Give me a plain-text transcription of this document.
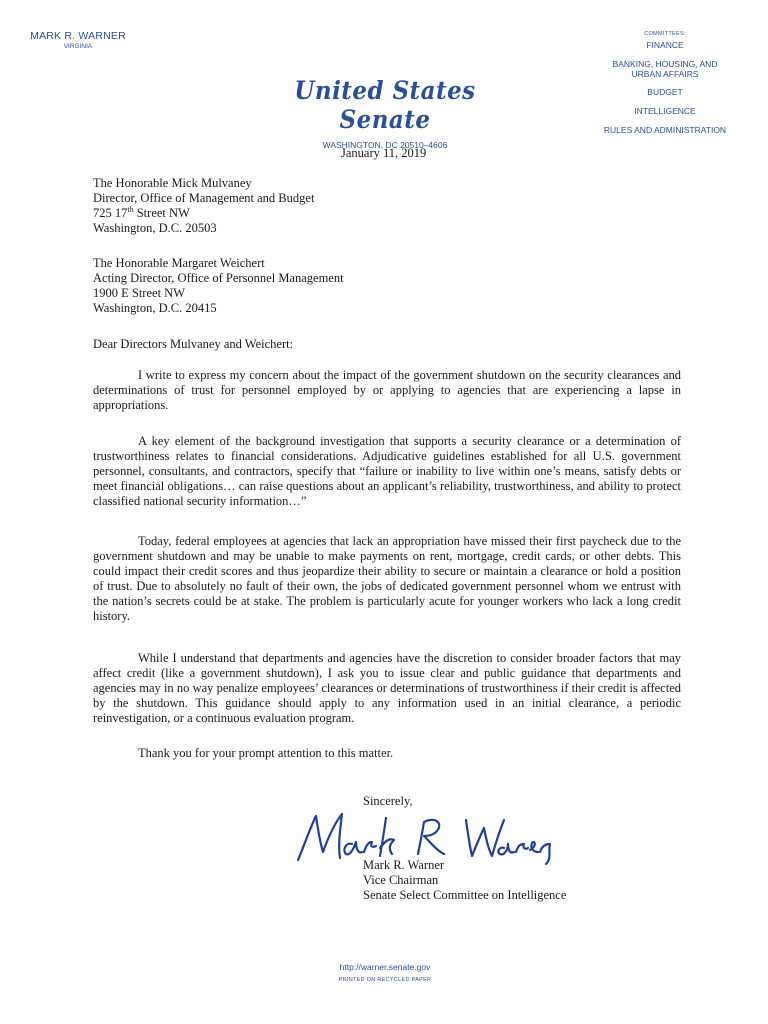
MARK R. WARNER
VIRGINIA
COMMITTEES:
FINANCE
BANKING, HOUSING, AND URBAN AFFAIRS
BUDGET
INTELLIGENCE
RULES AND ADMINISTRATION
United States Senate
WASHINGTON, DC 20510–4606
January 11, 2019
The Honorable Mick Mulvaney
Director, Office of Management and Budget
725 17th Street NW
Washington, D.C. 20503
The Honorable Margaret Weichert
Acting Director, Office of Personnel Management
1900 E Street NW
Washington, D.C. 20415
Dear Directors Mulvaney and Weichert:

I write to express my concern about the impact of the government shutdown on the security clearances and determinations of trust for personnel employed by or applying to agencies that are experiencing a lapse in appropriations.

A key element of the background investigation that supports a security clearance or a determination of trustworthiness relates to financial considerations. Adjudicative guidelines established for all U.S. government personnel, consultants, and contractors, specify that “failure or inability to live within one’s means, satisfy debts or meet financial obligations… can raise questions about an applicant’s reliability, trustworthiness, and ability to protect classified national security information…”

Today, federal employees at agencies that lack an appropriation have missed their first paycheck due to the government shutdown and may be unable to make payments on rent, mortgage, credit cards, or other debts. This could impact their credit scores and thus jeopardize their ability to secure or maintain a clearance or hold a position of trust. Due to absolutely no fault of their own, the jobs of dedicated government personnel whom we entrust with the nation’s secrets could be at stake. The problem is particularly acute for younger workers who lack a long credit history.

While I understand that departments and agencies have the discretion to consider broader factors that may affect credit (like a government shutdown), I ask you to issue clear and public guidance that departments and agencies may in no way penalize employees’ clearances or determinations of trustworthiness if their credit is affected by the shutdown. This guidance should apply to any information used in an initial clearance, a periodic reinvestigation, or a continuous evaluation program.

Thank you for your prompt attention to this matter.

Sincerely,
Mark R. Warner
Vice Chairman
Senate Select Committee on Intelligence
http://warner.senate.gov
PRINTED ON RECYCLED PAPER
